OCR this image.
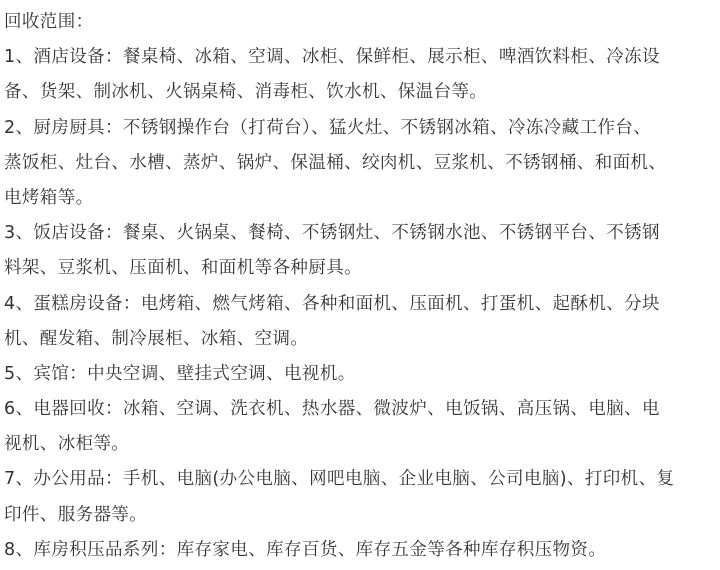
回收范围：
1、酒店设备：餐桌椅、冰箱、空调、冰柜、保鲜柜、展示柜、啤酒饮料柜、冷冻设
备、货架、制冰机、火锅桌椅、消毒柜、饮水机、保温台等。
2、厨房厨具：不锈钢操作台（打荷台）、猛火灶、不锈钢冰箱、冷冻冷藏工作台、
蒸饭柜、灶台、水槽、蒸炉、锅炉、保温桶、绞肉机、豆浆机、不锈钢桶、和面机、
电烤箱等。
3、饭店设备：餐桌、火锅桌、餐椅、不锈钢灶、不锈钢水池、不锈钢平台、不锈钢
料架、豆浆机、压面机、和面机等各种厨具。
4、蛋糕房设备：电烤箱、燃气烤箱、各种和面机、压面机、打蛋机、起酥机、分块
机、醒发箱、制冷展柜、冰箱、空调。
5、宾馆：中央空调、壁挂式空调、电视机。
6、电器回收：冰箱、空调、洗衣机、热水器、微波炉、电饭锅、高压锅、电脑、电
视机、冰柜等。
7、办公用品：手机、电脑(办公电脑、网吧电脑、企业电脑、公司电脑)、打印机、复
印件、服务器等。
8、库房积压品系列：库存家电、库存百货、库存五金等各种库存积压物资。
